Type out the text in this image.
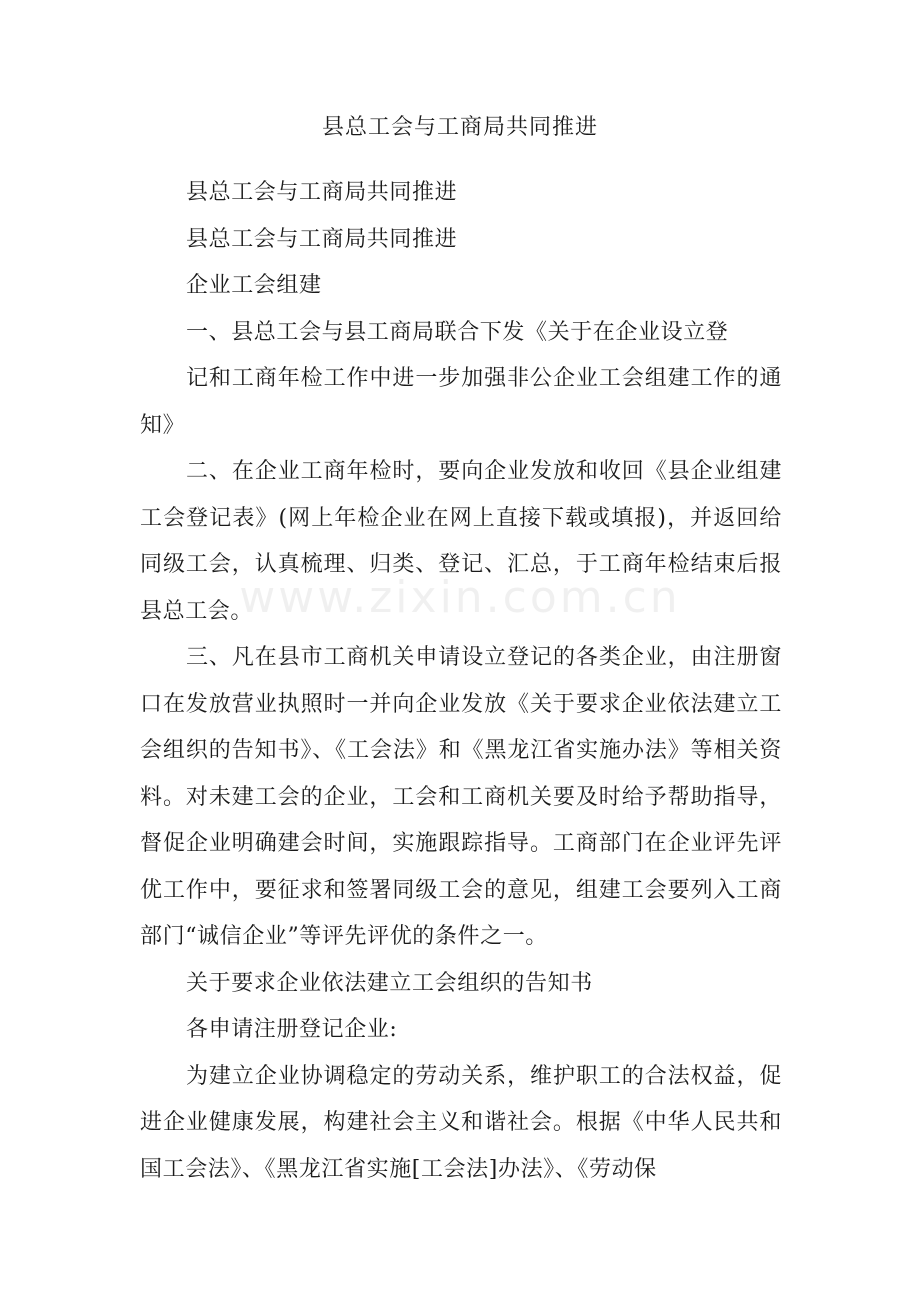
县总工会与工商局共同推进
www.zixin.com.cn

县总工会与工商局共同推进

县总工会与工商局共同推进

企业工会组建

一、县总工会与县工商局联合下发《关于在企业设立登

记和工商年检工作中进一步加强非公企业工会组建工作的通知》

二、在企业工商年检时，要向企业发放和收回《县企业组建工会登记表》(网上年检企业在网上直接下载或填报)，并返回给同级工会，认真梳理、归类、登记、汇总，于工商年检结束后报县总工会。

三、凡在县市工商机关申请设立登记的各类企业，由注册窗口在发放营业执照时一并向企业发放《关于要求企业依法建立工会组织的告知书》、《工会法》和《黑龙江省实施办法》等相关资料。对未建工会的企业，工会和工商机关要及时给予帮助指导，督促企业明确建会时间，实施跟踪指导。工商部门在企业评先评优工作中，要征求和签署同级工会的意见，组建工会要列入工商部门“诚信企业”等评先评优的条件之一。

关于要求企业依法建立工会组织的告知书

各申请注册登记企业:

为建立企业协调稳定的劳动关系，维护职工的合法权益，促进企业健康发展，构建社会主义和谐社会。根据《中华人民共和国工会法》、《黑龙江省实施[工会法]办法》、《劳动保
